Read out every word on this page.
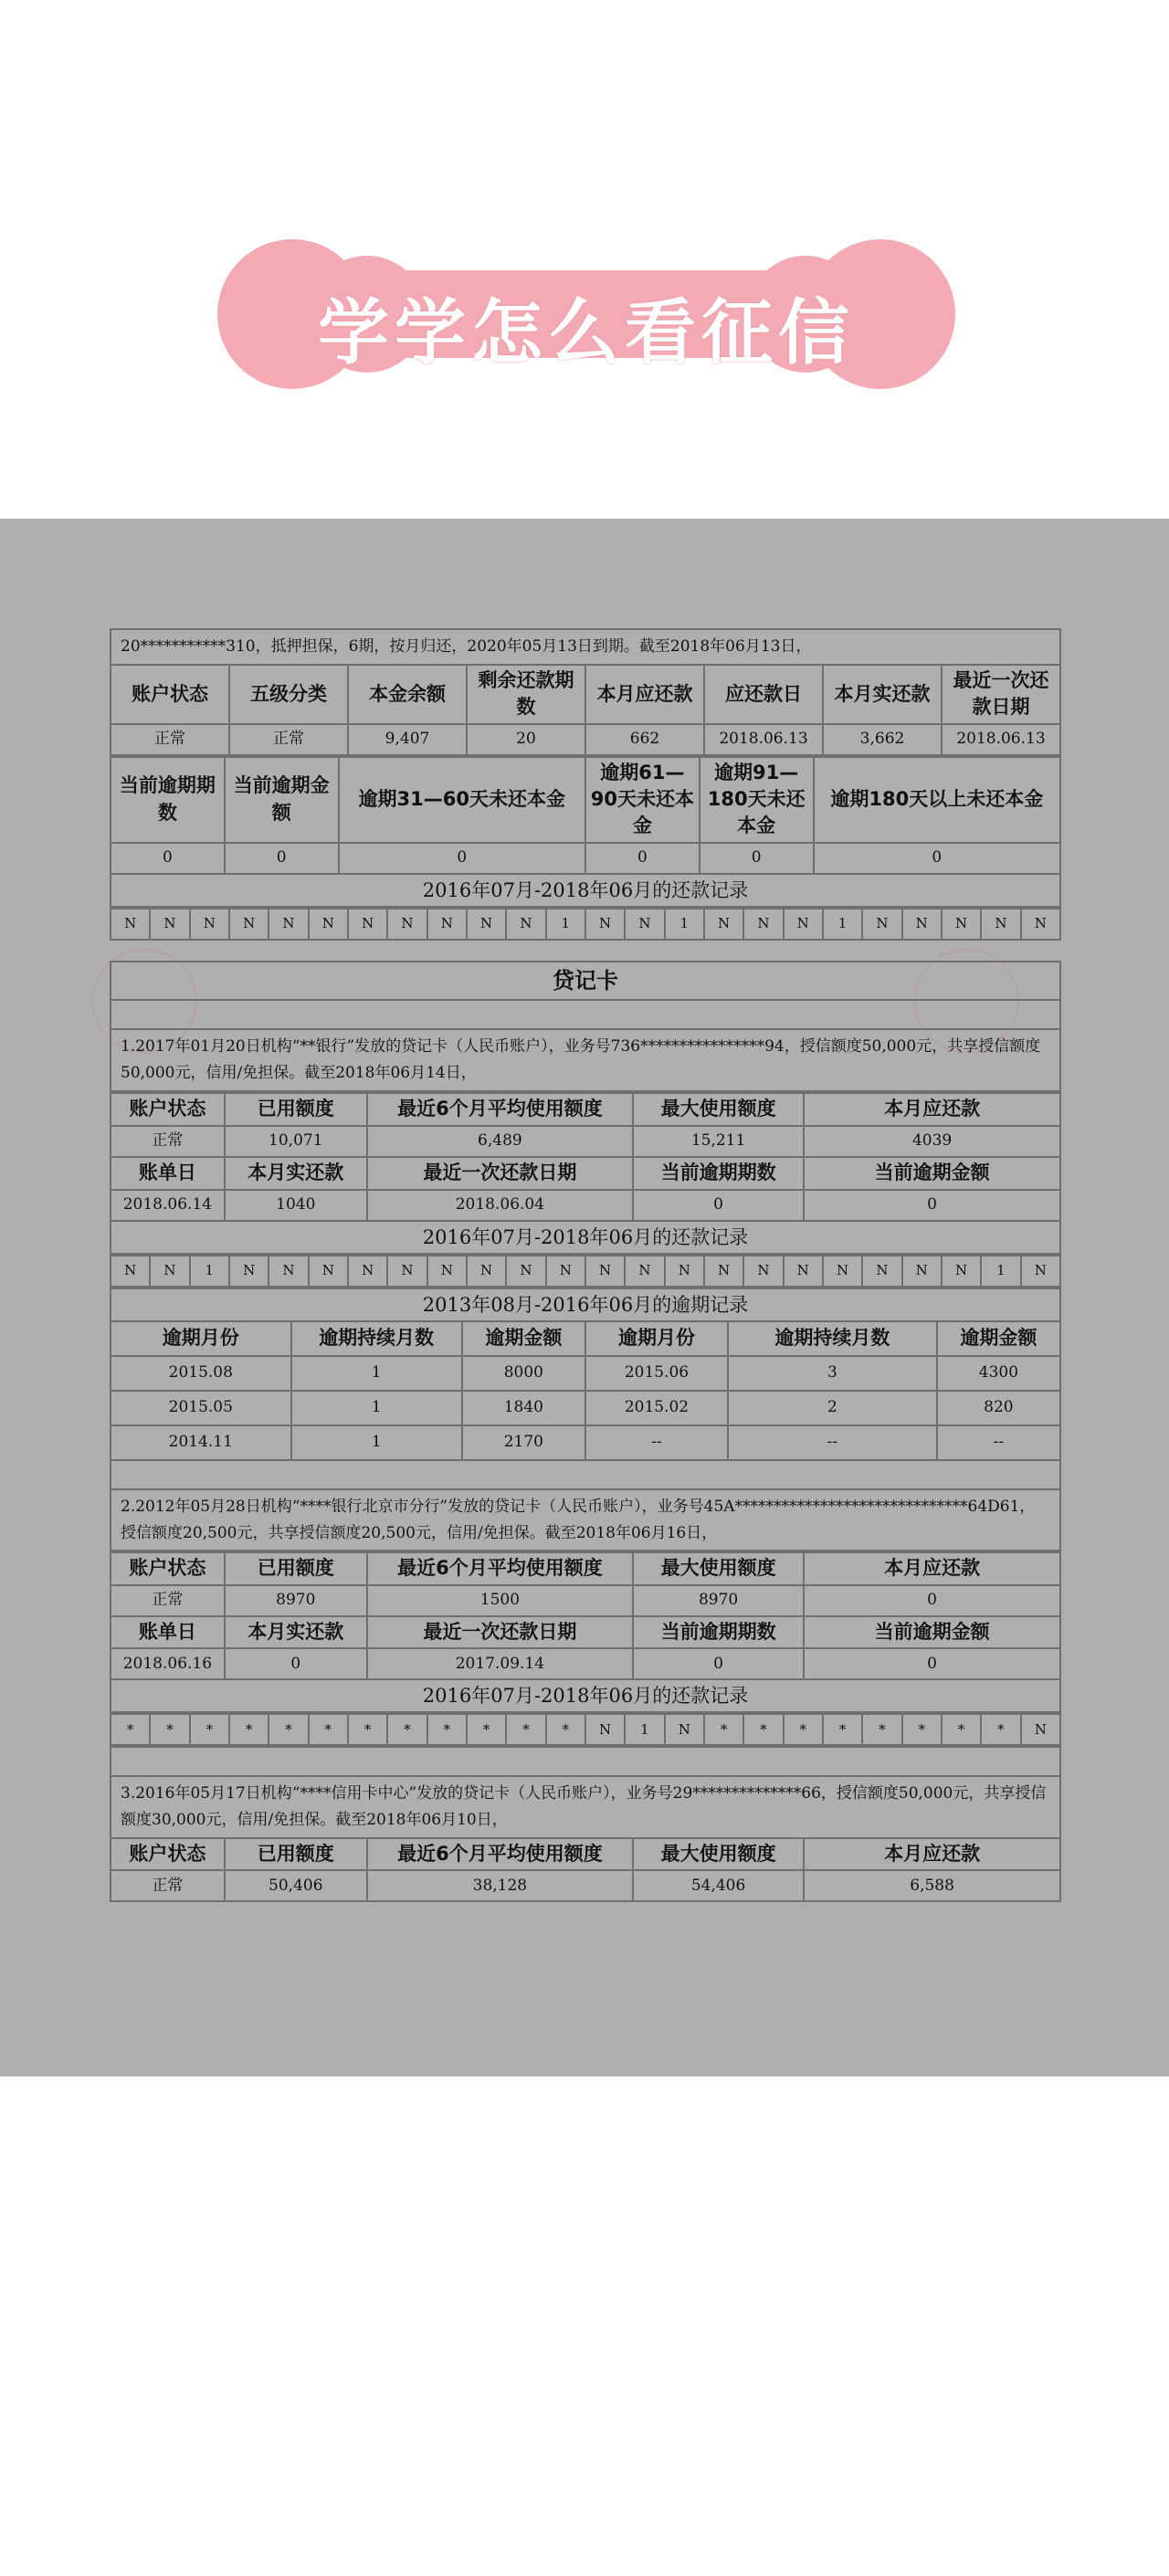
学学怎么看征信
20***********310，抵押担保，6期，按月归还，2020年05月13日到期。截至2018年06月13日，							
账户状态	五级分类	本金余额	剩余还款期数	本月应还款	应还款日	本月实还款	最近一次还款日期
正常	正常	9,407	20	662	2018.06.13	3,662	2018.06.13
当前逾期期数	当前逾期金额	逾期31—60天未还本金	逾期61—90天未还本金	逾期91—180天未还本金	逾期180天以上未还本金
0	0	0	0	0	0
2016年07月-2018年06月的还款记录					
N	N	N	N	N	N	N	N	N	N	N	1	N	N	1	N	N	N	1	N	N	N	N	N
贷记卡

1.2017年01月20日机构“**银行”发放的贷记卡（人民币账户），业务号736****************94，授信额度50,000元，共享授信额度50,000元，信用/免担保。截至2018年06月14日，
账户状态	已用额度	最近6个月平均使用额度	最大使用额度	本月应还款
正常	10,071	6,489	15,211	4039
账单日	本月实还款	最近一次还款日期	当前逾期期数	当前逾期金额
2018.06.14	1040	2018.06.04	0	0
2016年07月-2018年06月的还款记录				
N	N	1	N	N	N	N	N	N	N	N	N	N	N	N	N	N	N	N	N	N	N	1	N
2013年08月-2016年06月的逾期记录					
逾期月份	逾期持续月数	逾期金额	逾期月份	逾期持续月数	逾期金额
2015.08	1	8000	2015.06	3	4300
2015.05	1	1840	2015.02	2	820
2014.11	1	2170	--	--	--

2.2012年05月28日机构“****银行北京市分行”发放的贷记卡（人民币账户），业务号45A******************************64D61，授信额度20,500元，共享授信额度20,500元，信用/免担保。截至2018年06月16日，					
账户状态	已用额度	最近6个月平均使用额度	最大使用额度	本月应还款
正常	8970	1500	8970	0
账单日	本月实还款	最近一次还款日期	当前逾期期数	当前逾期金额
2018.06.16	0	2017.09.14	0	0
2016年07月-2018年06月的还款记录				
*	*	*	*	*	*	*	*	*	*	*	*	N	1	N	*	*	*	*	*	*	*	*	N

3.2016年05月17日机构“****信用卡中心”发放的贷记卡（人民币账户），业务号29**************66，授信额度50,000元，共享授信额度30,000元，信用/免担保。截至2018年06月10日，				
账户状态	已用额度	最近6个月平均使用额度	最大使用额度	本月应还款
正常	50,406	38,128	54,406	6,588
